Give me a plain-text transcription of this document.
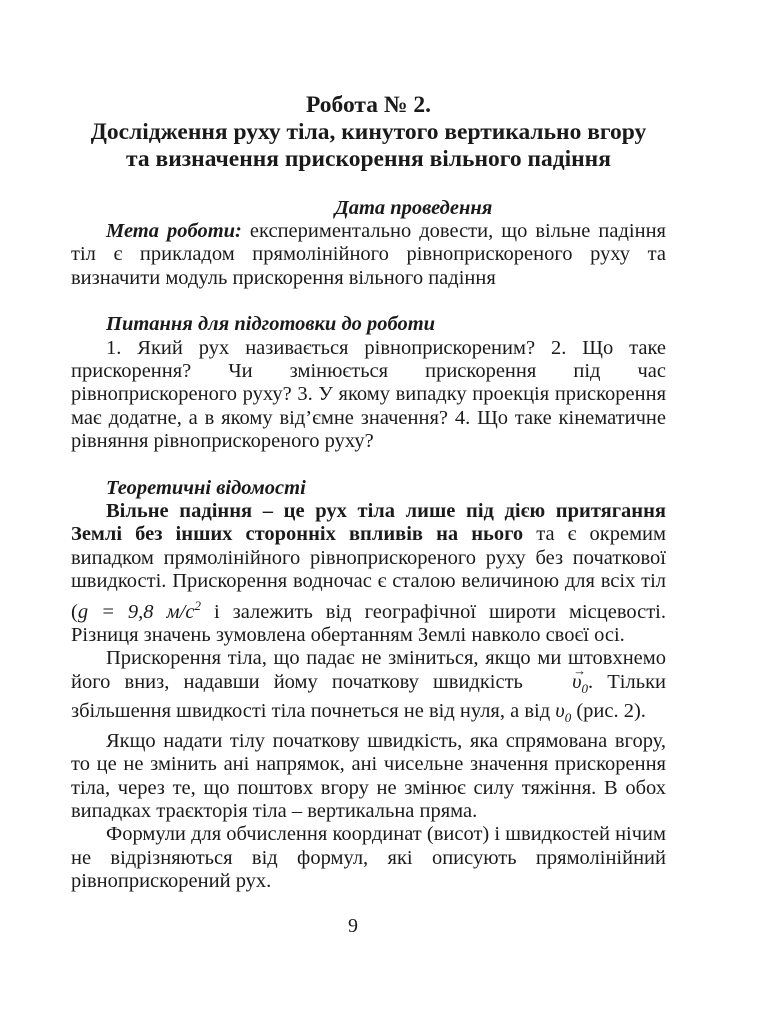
Робота № 2.
Дослідження руху тіла, кинутого вертикально вгору
та визначення прискорення вільного падіння
Дата проведення

Мета роботи: експериментально довести, що вільне падіння тіл є прикладом прямолінійного рівноприскореного руху та визначити модуль прискорення вільного падіння

Питання для підготовки до роботи

1. Який рух називається рівноприскореним? 2. Що таке прискорення? Чи змінюється прискорення під час рівноприскореного руху? 3. У якому випадку проекція прискорення має додатне, а в якому від’ємне значення? 4. Що таке кінематичне рівняння рівноприскореного руху?

Теоретичні відомості

Вільне падіння – це рух тіла лише під дією притягання Землі без інших сторонніх впливів на нього та є окремим випадком прямолінійного рівноприскореного руху без початкової швидкості. Прискорення водночас є сталою величиною для всіх тіл (g = 9,8 $м/с^2$ і залежить від географічної широти місцевості. Різниця значень зумовлена обертанням Землі навколо своєї осі.

Прискорення тіла, що падає не зміниться, якщо ми штовхнемо його вниз, надавши йому початкову швидкість → $\upsilon_0$. Тільки збільшення швидкості тіла почнеться не від нуля, а від $\upsilon_0$ (рис. 2).

Якщо надати тілу початкову швидкість, яка спрямована вгору, то це не змінить ані напрямок, ані чисельне значення прискорення тіла, через те, що поштовх вгору не змінює силу тяжіння. В обох випадках траєкторія тіла – вертикальна пряма.

Формули для обчислення координат (висот) і швидкостей нічим не відрізняються від формул, які описують прямолінійний рівноприскорений рух.

9
